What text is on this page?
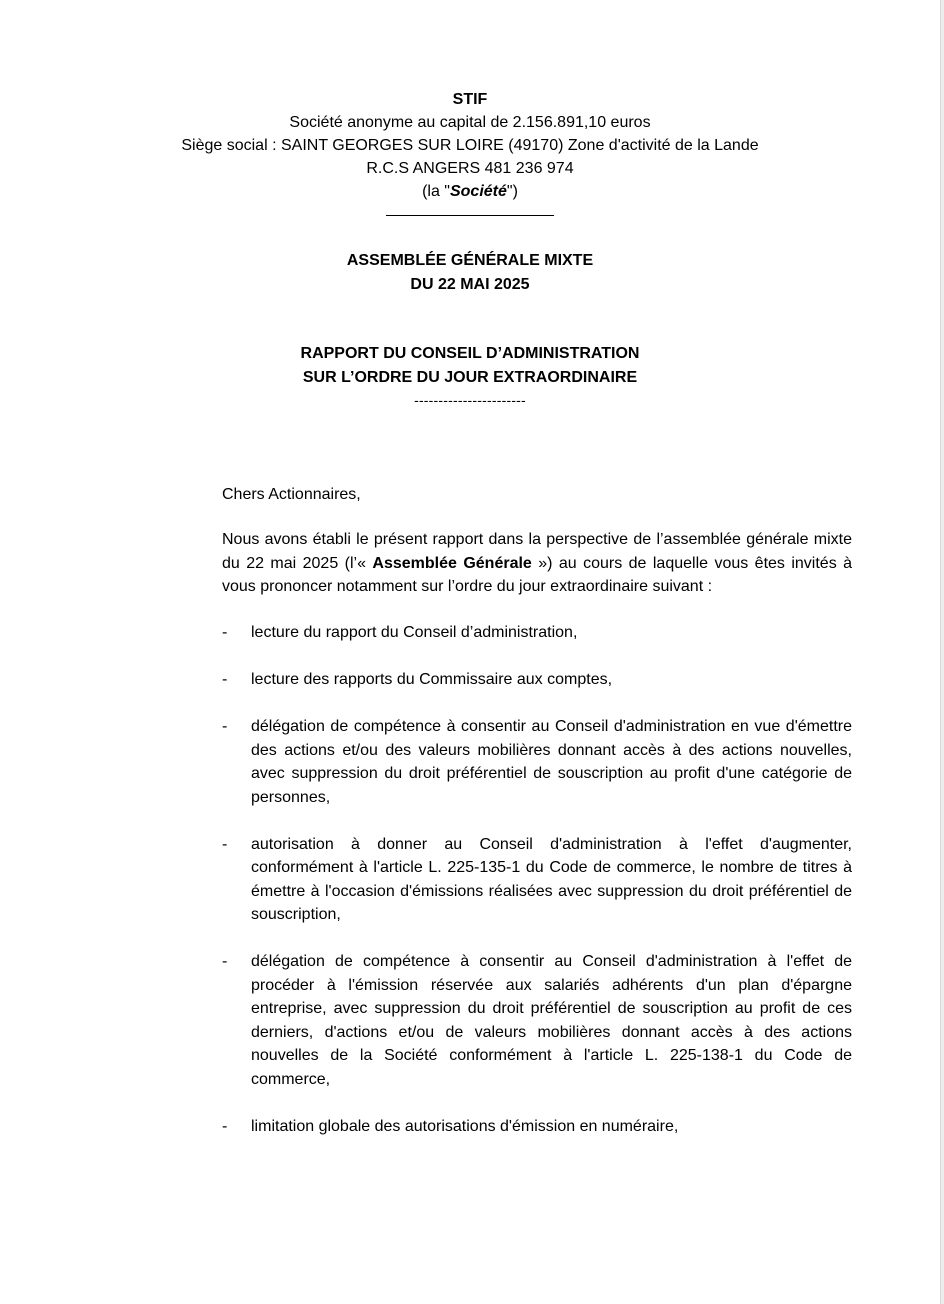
STIF
Société anonyme au capital de 2.156.891,10 euros
Siège social : SAINT GEORGES SUR LOIRE (49170) Zone d'activité de la Lande
R.C.S ANGERS 481 236 974
(la "Société")
ASSEMBLÉE GÉNÉRALE MIXTE
DU 22 MAI 2025
RAPPORT DU CONSEIL D’ADMINISTRATION
SUR L’ORDRE DU JOUR EXTRAORDINAIRE
-----------------------
Chers Actionnaires,
Nous avons établi le présent rapport dans la perspective de l’assemblée générale mixte du 22 mai 2025 (l’« Assemblée Générale ») au cours de laquelle vous êtes invités à vous prononcer notamment sur l’ordre du jour extraordinaire suivant :
- lecture du rapport du Conseil d’administration,
- lecture des rapports du Commissaire aux comptes,
- délégation de compétence à consentir au Conseil d'administration en vue d'émettre des actions et/ou des valeurs mobilières donnant accès à des actions nouvelles, avec suppression du droit préférentiel de souscription au profit d'une catégorie de personnes,
- autorisation à donner au Conseil d'administration à l'effet d'augmenter, conformément à l'article L. 225-135-1 du Code de commerce, le nombre de titres à émettre à l'occasion d'émissions réalisées avec suppression du droit préférentiel de souscription,
- délégation de compétence à consentir au Conseil d'administration à l'effet de procéder à l'émission réservée aux salariés adhérents d'un plan d'épargne entreprise, avec suppression du droit préférentiel de souscription au profit de ces derniers, d'actions et/ou de valeurs mobilières donnant accès à des actions nouvelles de la Société conformément à l'article L. 225-138-1 du Code de commerce,
- limitation globale des autorisations d'émission en numéraire,
